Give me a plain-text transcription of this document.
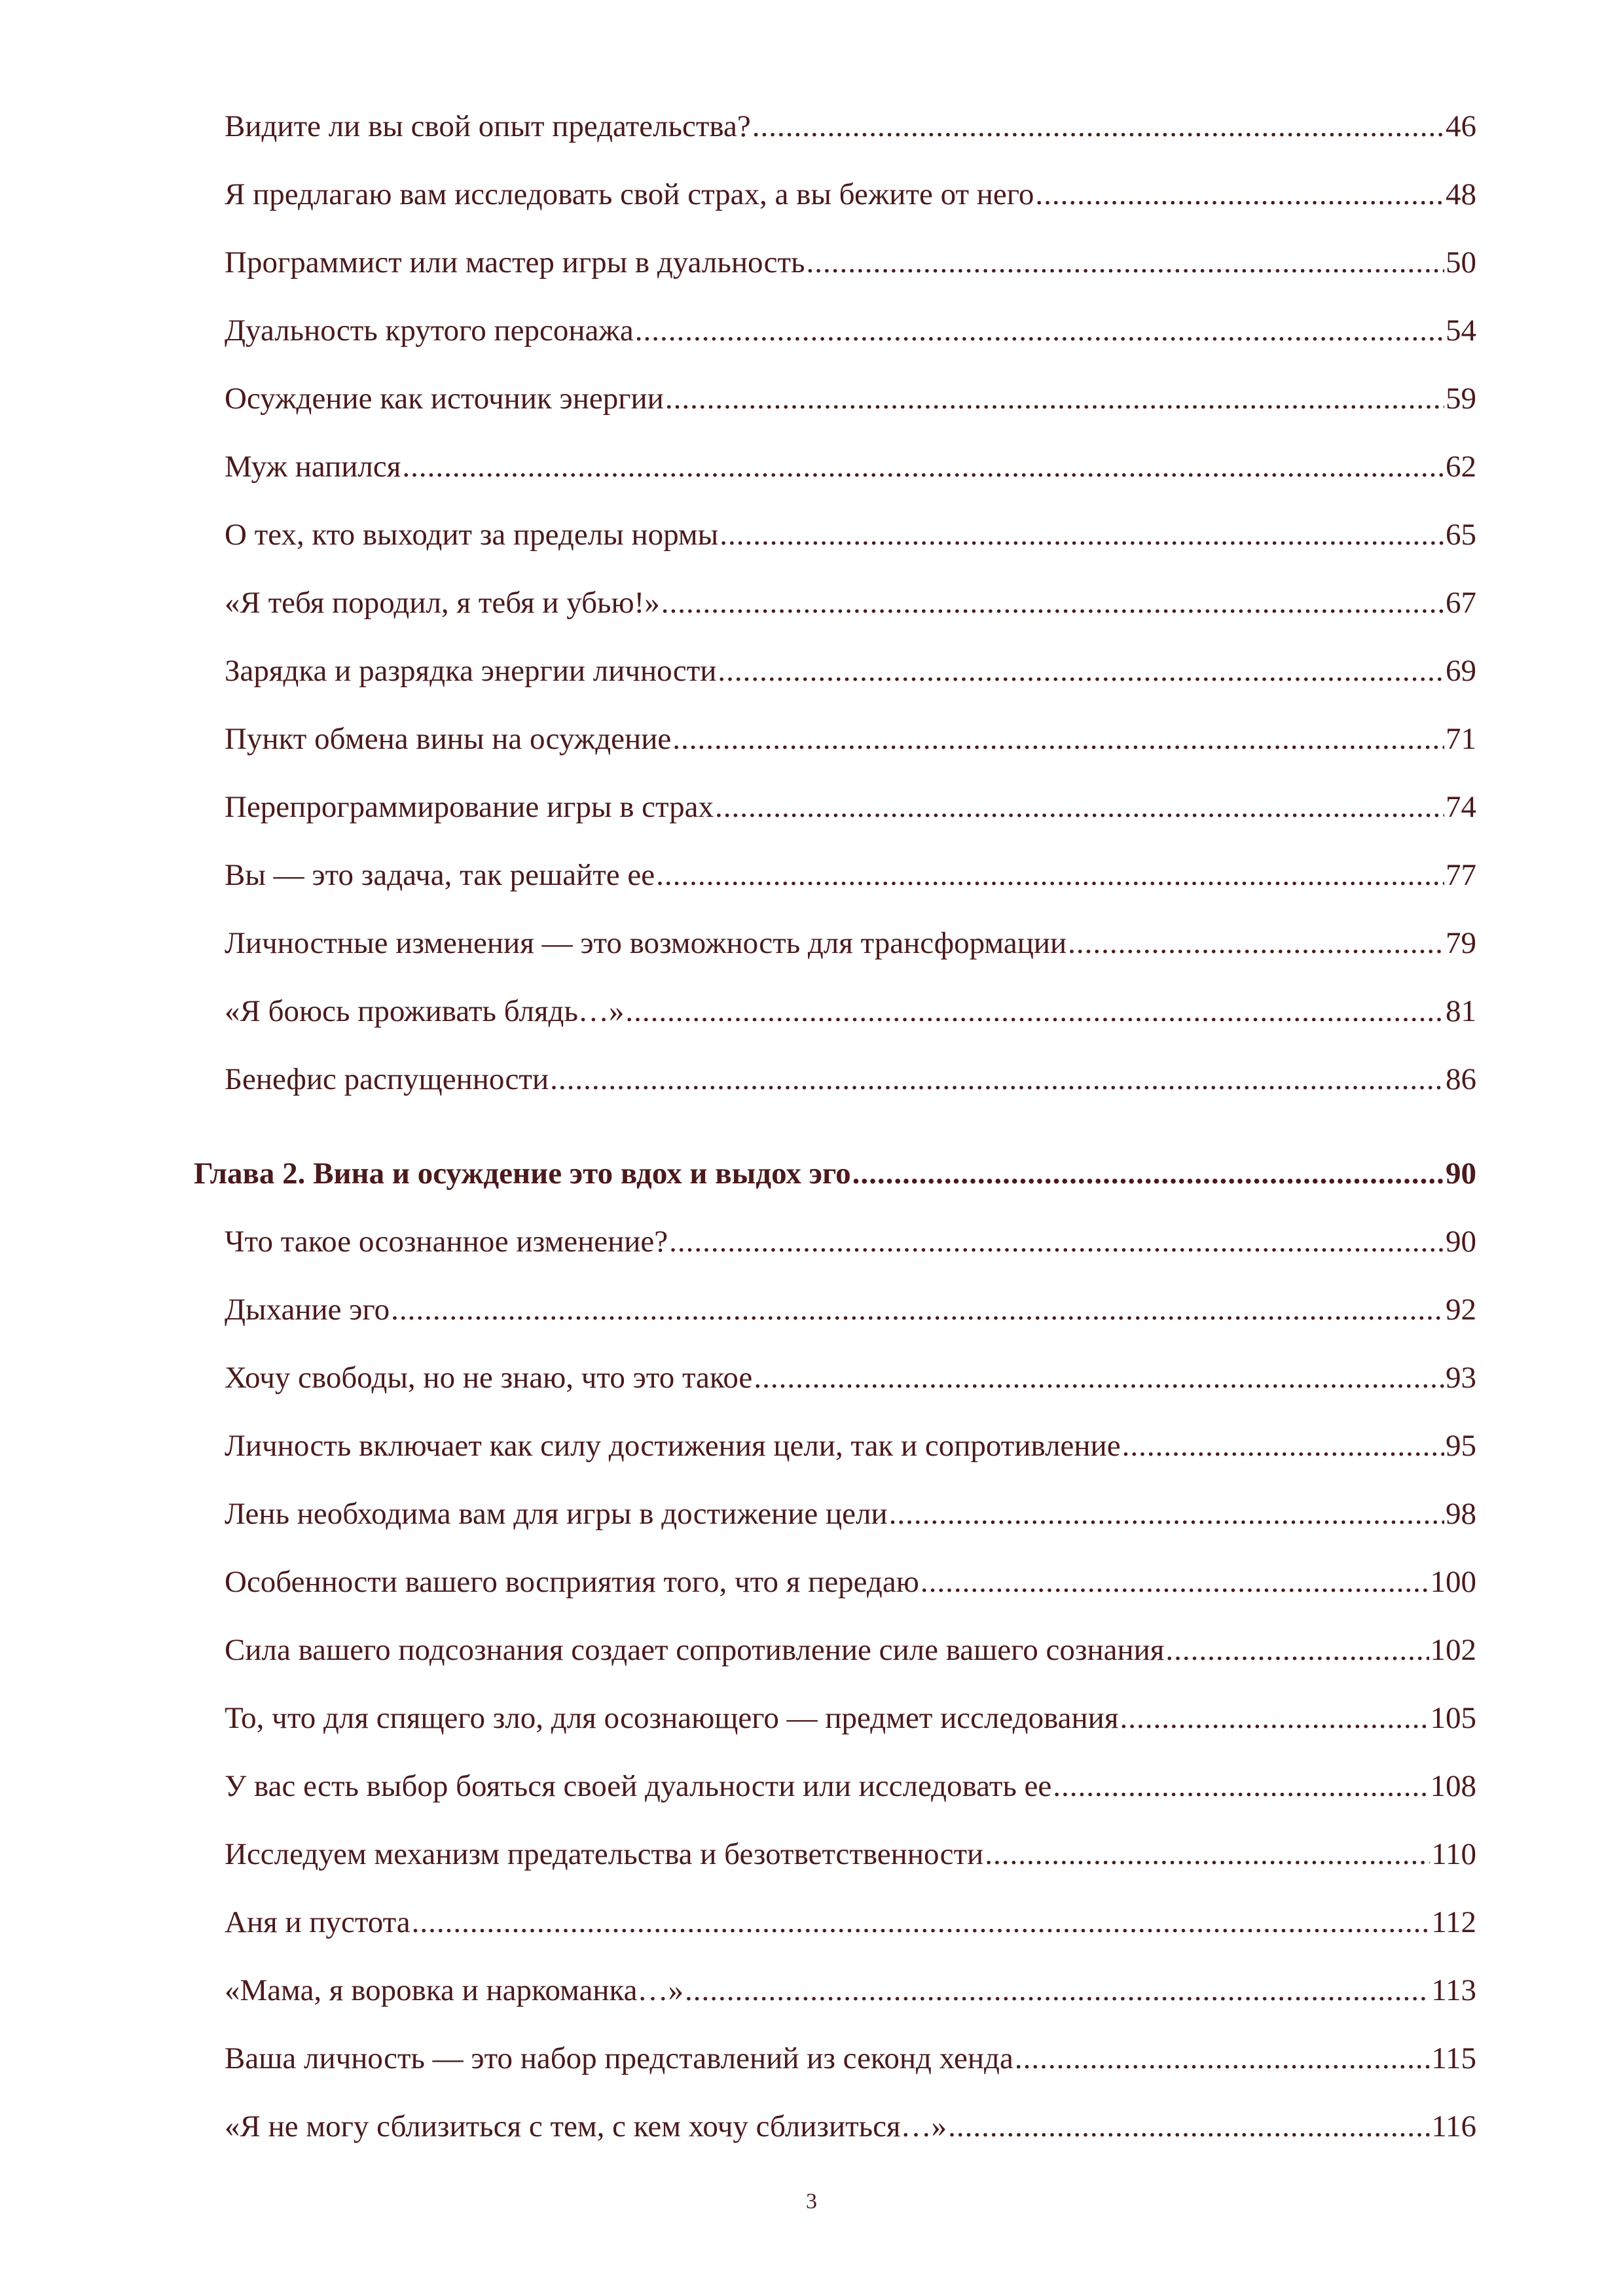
Видите ли вы свой опыт предательства? .....	46
Я предлагаю вам исследовать свой страх, а вы бежите от него .....	48
Программист или мастер игры в дуальность .....	50
Дуальность крутого персонажа .....	54
Осуждение как источник энергии .....	59
Муж напился .....	62
О тех, кто выходит за пределы нормы .....	65
«Я тебя породил, я тебя и убью!» .....	67
Зарядка и разрядка энергии личности .....	69
Пункт обмена вины на осуждение .....	71
Перепрограммирование игры в страх .....	74
Вы — это задача, так решайте ее .....	77
Личностные изменения — это возможность для трансформации .....	79
«Я боюсь проживать блядь…» .....	81
Бенефис распущенности .....	86
Глава 2. Вина и осуждение это вдох и выдох эго .....	90
Что такое осознанное изменение? .....	90
Дыхание эго .....	92
Хочу свободы, но не знаю, что это такое .....	93
Личность включает как силу достижения цели, так и сопротивление .....	95
Лень необходима вам для игры в достижение цели .....	98
Особенности вашего восприятия того, что я передаю .....	100
Сила вашего подсознания создает сопротивление силе вашего сознания .....	102
То, что для спящего зло, для осознающего — предмет исследования .....	105
У вас есть выбор бояться своей дуальности или исследовать ее .....	108
Исследуем механизм предательства и безответственности .....	110
Аня и пустота .....	112
«Мама, я воровка и наркоманка…» .....	113
Ваша личность — это набор представлений из секонд хенда .....	115
«Я не могу сблизиться с тем, с кем хочу сблизиться…» .....	116
3
